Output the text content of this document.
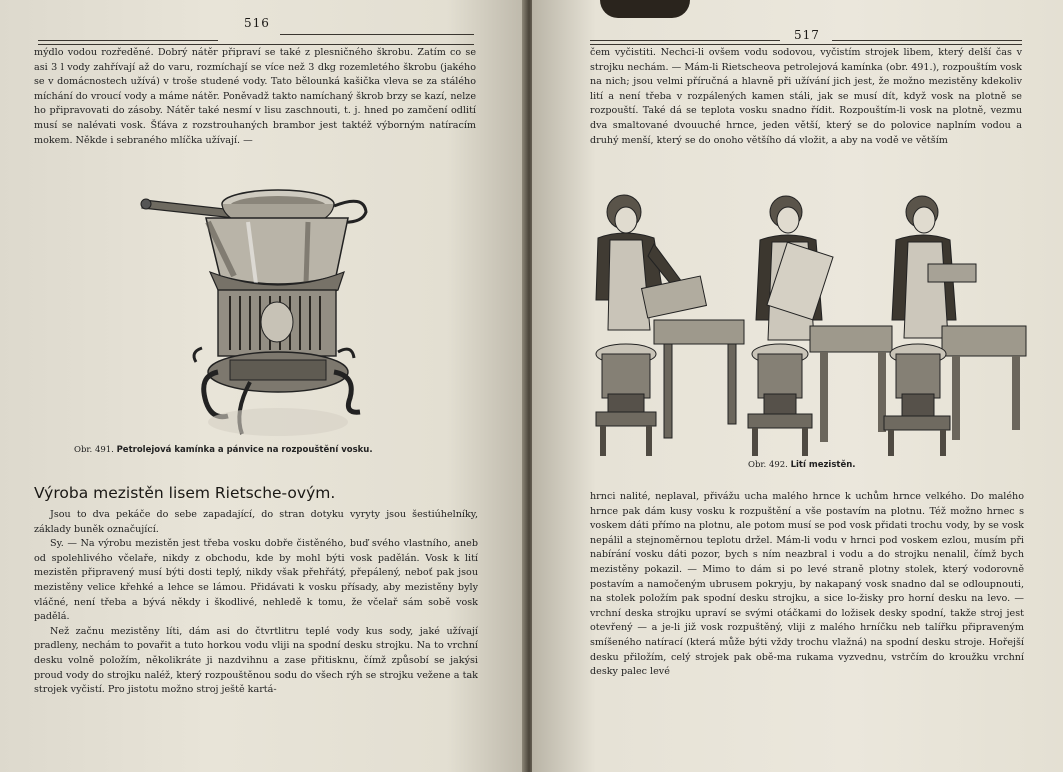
516

mýdlo vodou rozředěné. Dobrý nátěr připraví se také z plesničného škrobu. Zatím co se asi 3 l vody zahřívají až do varu, rozmíchají se více než 3 dkg rozemletého škrobu (jakého se v domácnostech užívá) v troše studené vody. Tato bělounká kašička vleva se za stálého míchání do vroucí vody a máme nátěr. Poněvadž takto namíchaný škrob brzy se kazí, nelze ho připravovati do zásoby. Nátěr také nesmí v lisu zaschnouti, t. j. hned po zamčení odlití musí se nalévati vosk. Šťáva z rozstrouhaných brambor jest taktéž výborným natíracím mokem. Někde i sebraného mlíčka užívají. —

Obr. 491. Petrolejová kamínka a pánvice na rozpouštění vosku.
Výroba mezistěn lisem Rietsche-ovým.

Jsou to dva pekáče do sebe zapadající, do stran dotyku vyryty jsou šestiúhelníky, základy buněk označující.

Sy. — Na výrobu mezistěn jest třeba vosku dobře čistěného, buď svého vlastního, aneb od spolehlivého včelaře, nikdy z obchodu, kde by mohl býti vosk padělán. Vosk k lití mezistěn připravený musí býti dosti teplý, nikdy však přehřátý, přepálený, neboť pak jsou mezistěny velice křehké a lehce se lámou. Přidávati k vosku přísady, aby mezistěny byly vláčné, není třeba a bývá někdy i škodlivé, nehledě k tomu, že včelař sám sobě vosk padělá.

Než začnu mezistěny líti, dám asi do čtvrtlitru teplé vody kus sody, jaké užívají pradleny, nechám to povařit a tuto horkou vodu vliji na spodní desku strojku. Na to vrchní desku volně položím, několikráte ji nazdvihnu a zase přitisknu, čímž způsobí se jakýsi proud vody do strojku naléž, který rozpouštěnou sodu do všech rýh se strojku vežene a tak strojek vyčistí. Pro jistotu možno stroj ještě kartá-

517

čem vyčistiti. Nechci-li ovšem vodu sodovou, vyčistím strojek libem, který delší čas v strojku nechám. — Mám-li Rietscheova petrolejová kamínka (obr. 491.), rozpouštím vosk na nich; jsou velmi příručná a hlavně při užívání jich jest, že možno mezistěny kdekoliv lití a není třeba v rozpálených kamen stáli, jak se musí dít, když vosk na plotně se rozpouští. Také dá se teplota vosku snadno řídit. Rozpouštím-li vosk na plotně, vezmu dva smaltované dvouuché hrnce, jeden větší, který se do polovice naplním vodou a druhý menší, který se do onoho většího dá vložit, a aby na vodě ve větším

Obr. 492. Lití mezistěn.

hrnci nalité, neplaval, přivážu ucha malého hrnce k uchům hrnce velkého. Do malého hrnce pak dám kusy vosku k rozpuštění a vše postavím na plotnu. Též možno hrnec s voskem dáti přímo na plotnu, ale potom musí se pod vosk přidati trochu vody, by se vosk nepálil a stejnoměrnou teplotu držel. Mám-li vodu v hrnci pod voskem ezlou, musím při nabírání vosku dáti pozor, bych s ním neazbral i vodu a do strojku nenalil, čímž bych mezistěny pokazil. — Mimo to dám si po levé straně plotny stolek, který vodorovně postavím a namočeným ubrusem pokryju, by nakapaný vosk snadno dal se odloupnouti, na stolek položím pak spodní desku strojku, a sice lo-žisky pro horní desku na levo. — vrchní deska strojku upraví se svými otáčkami do ložisek desky spodní, takže stroj jest otevřený — a je-li již vosk rozpuštěný, vliji z malého hrníčku neb talířku připraveným smíšeného natírací (která může býti vždy trochu vlažná) na spodní desku stroje. Hořejší desku přiložím, celý strojek pak obě-ma rukama vyzvednu, vstrčím do kroužku vrchní desky palec levé
